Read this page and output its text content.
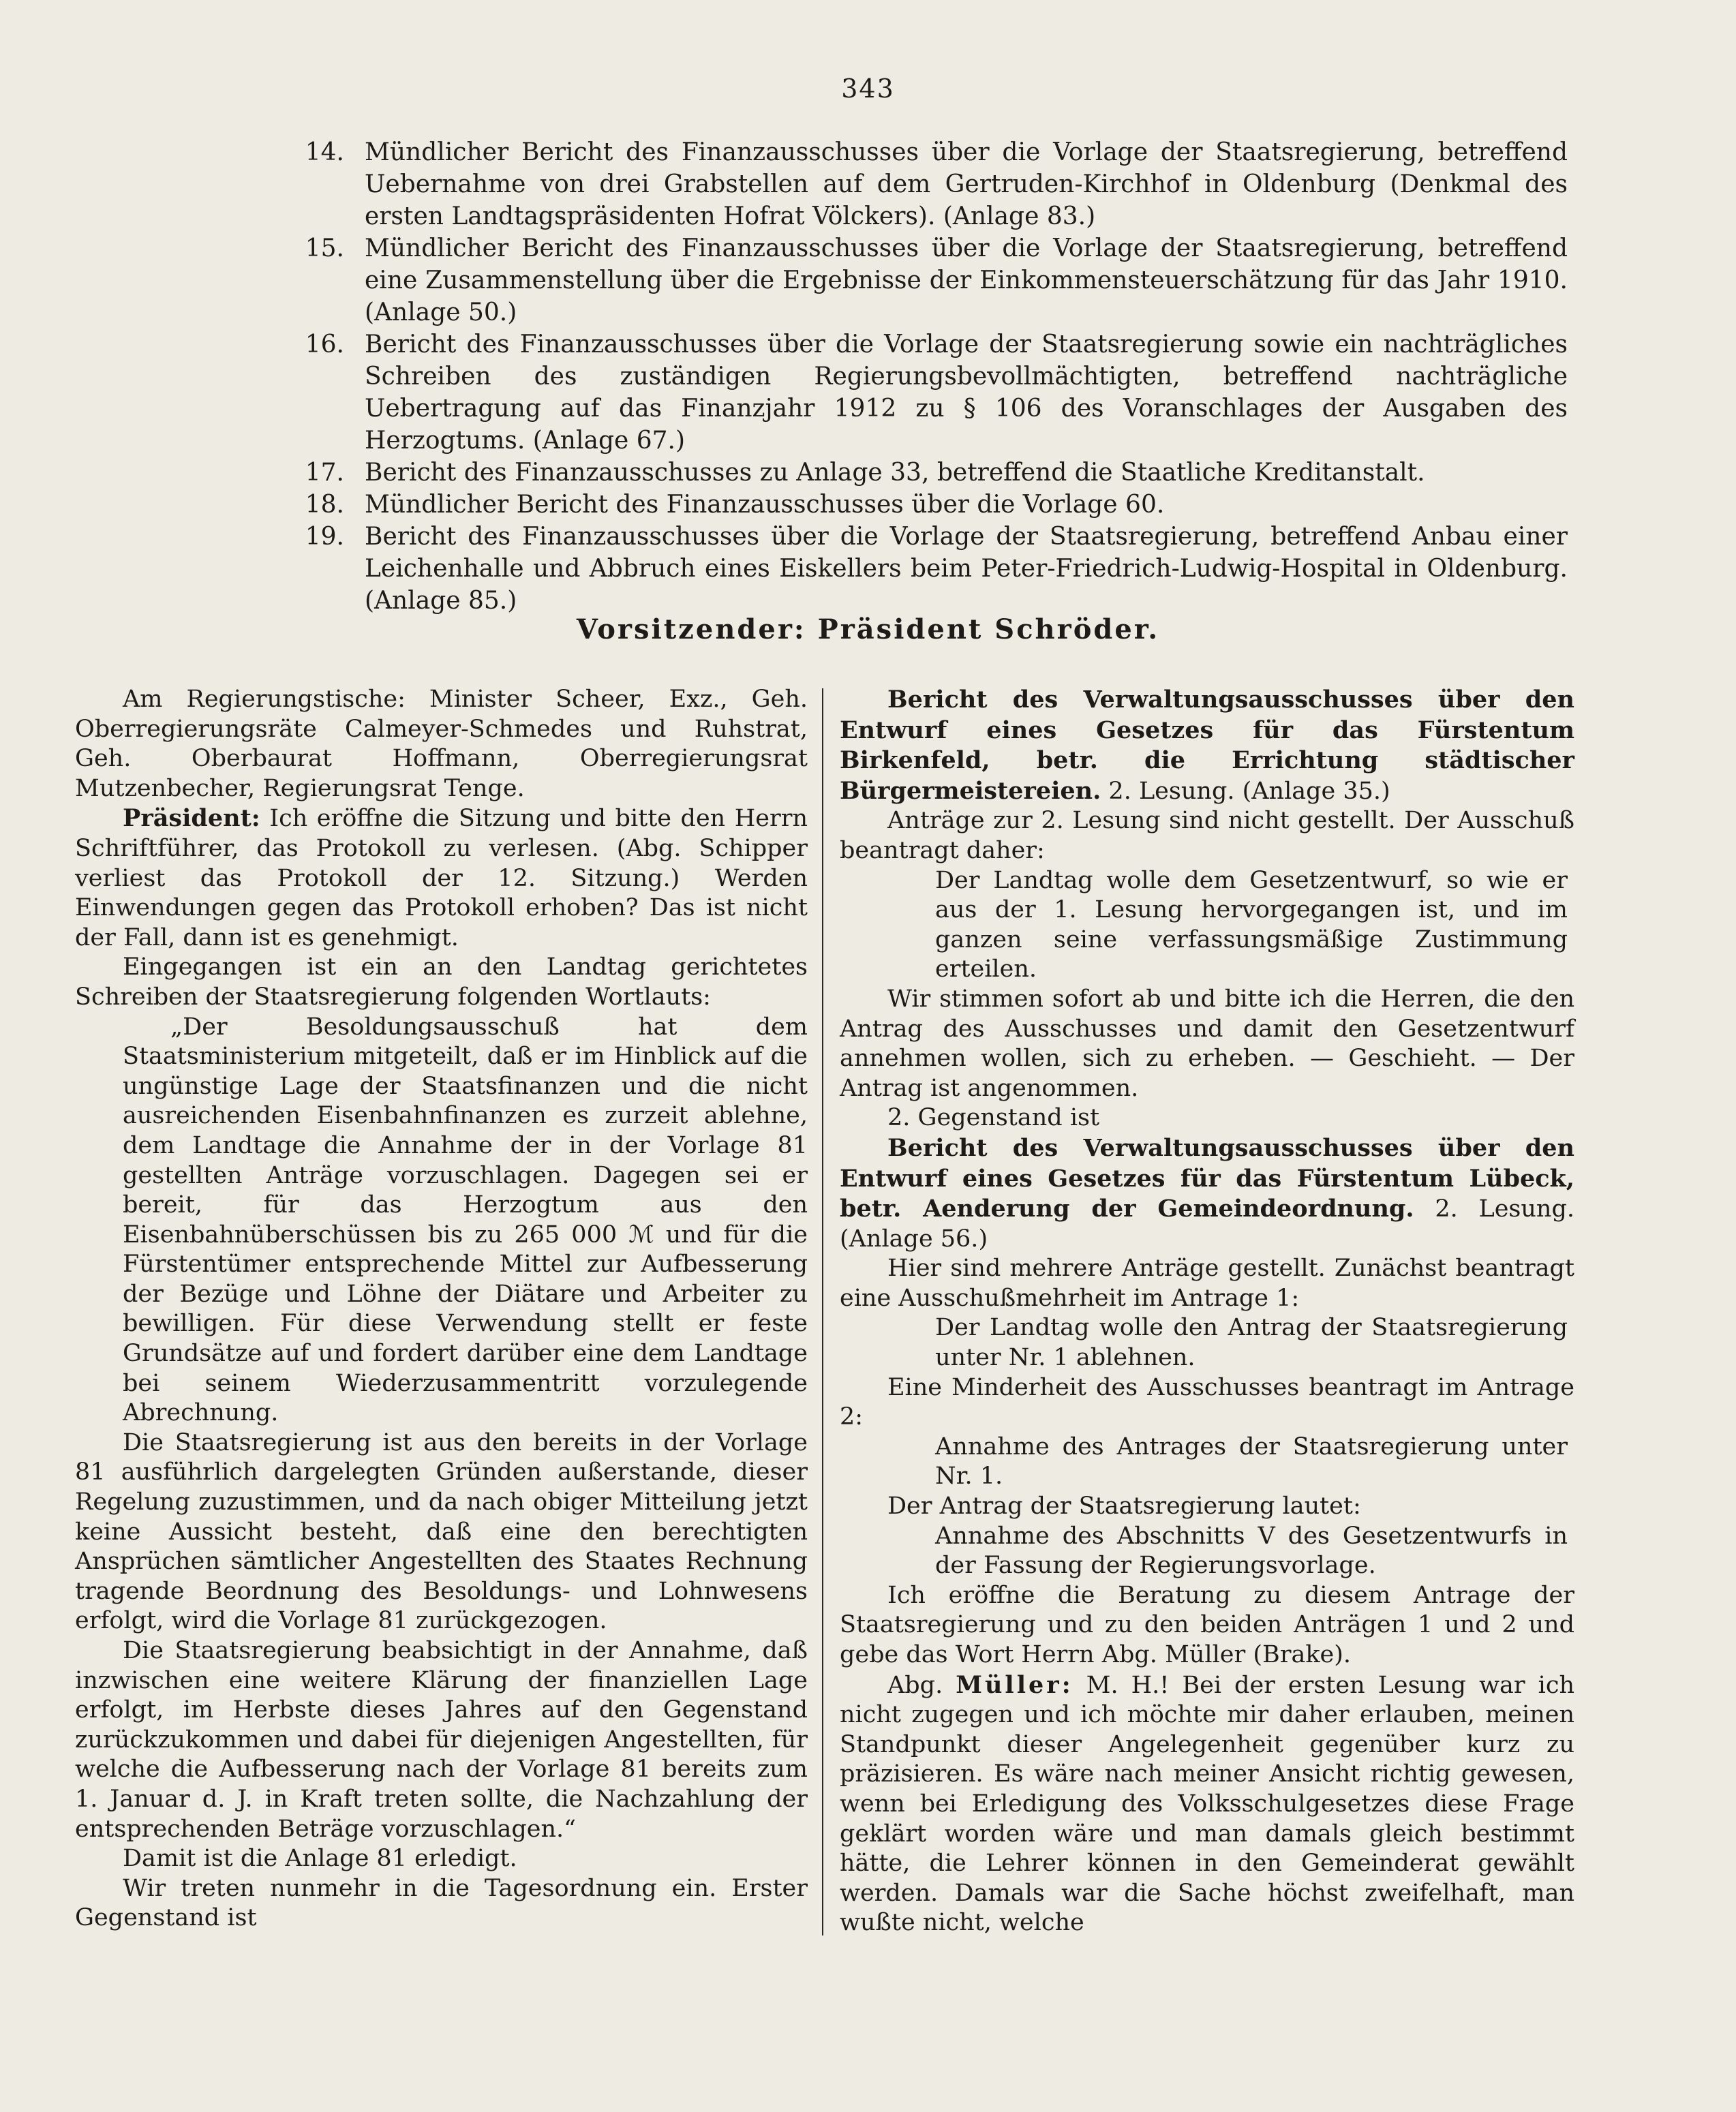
343
14. Mündlicher Bericht des Finanzausschusses über die Vorlage der Staatsregierung, betreffend Uebernahme von drei Grabstellen auf dem Gertruden-Kirchhof in Oldenburg (Denkmal des ersten Landtagspräsidenten Hofrat Völckers). (Anlage 83.)
15. Mündlicher Bericht des Finanzausschusses über die Vorlage der Staatsregierung, betreffend eine Zusammenstellung über die Ergebnisse der Einkommensteuerschätzung für das Jahr 1910. (Anlage 50.)
16. Bericht des Finanzausschusses über die Vorlage der Staatsregierung sowie ein nachträgliches Schreiben des zuständigen Regierungsbevollmächtigten, betreffend nachträgliche Uebertragung auf das Finanzjahr 1912 zu § 106 des Voranschlages der Ausgaben des Herzogtums. (Anlage 67.)
17. Bericht des Finanzausschusses zu Anlage 33, betreffend die Staatliche Kreditanstalt.
18. Mündlicher Bericht des Finanzausschusses über die Vorlage 60.
19. Bericht des Finanzausschusses über die Vorlage der Staatsregierung, betreffend Anbau einer Leichenhalle und Abbruch eines Eiskellers beim Peter-Friedrich-Ludwig-Hospital in Oldenburg. (Anlage 85.)
Vorsitzender: Präsident Schröder.

Am Regierungstische: Minister Scheer, Exz., Geh. Oberregierungsräte Calmeyer-Schmedes und Ruhstrat, Geh. Oberbaurat Hoffmann, Oberregierungsrat Mutzenbecher, Regierungsrat Tenge.

Präsident: Ich eröffne die Sitzung und bitte den Herrn Schriftführer, das Protokoll zu verlesen. (Abg. Schipper verliest das Protokoll der 12. Sitzung.) Werden Einwendungen gegen das Protokoll erhoben? Das ist nicht der Fall, dann ist es genehmigt.

Eingegangen ist ein an den Landtag gerichtetes Schreiben der Staatsregierung folgenden Wortlauts:

„Der Besoldungsausschuß hat dem Staatsministerium mitgeteilt, daß er im Hinblick auf die ungünstige Lage der Staatsfinanzen und die nicht ausreichenden Eisenbahnfinanzen es zurzeit ablehne, dem Landtage die Annahme der in der Vorlage 81 gestellten Anträge vorzuschlagen. Dagegen sei er bereit, für das Herzogtum aus den Eisenbahnüberschüssen bis zu 265 000 ℳ und für die Fürstentümer entsprechende Mittel zur Aufbesserung der Bezüge und Löhne der Diätare und Arbeiter zu bewilligen. Für diese Verwendung stellt er feste Grundsätze auf und fordert darüber eine dem Landtage bei seinem Wiederzusammentritt vorzulegende Abrechnung.

Die Staatsregierung ist aus den bereits in der Vorlage 81 ausführlich dargelegten Gründen außerstande, dieser Regelung zuzustimmen, und da nach obiger Mitteilung jetzt keine Aussicht besteht, daß eine den berechtigten Ansprüchen sämtlicher Angestellten des Staates Rechnung tragende Beordnung des Besoldungs- und Lohnwesens erfolgt, wird die Vorlage 81 zurückgezogen.

Die Staatsregierung beabsichtigt in der Annahme, daß inzwischen eine weitere Klärung der finanziellen Lage erfolgt, im Herbste dieses Jahres auf den Gegenstand zurückzukommen und dabei für diejenigen Angestellten, für welche die Aufbesserung nach der Vorlage 81 bereits zum 1. Januar d. J. in Kraft treten sollte, die Nachzahlung der entsprechenden Beträge vorzuschlagen.“

Damit ist die Anlage 81 erledigt.

Wir treten nunmehr in die Tagesordnung ein. Erster Gegenstand ist

Bericht des Verwaltungsausschusses über den Entwurf eines Gesetzes für das Fürstentum Birkenfeld, betr. die Errichtung städtischer Bürgermeistereien. 2. Lesung. (Anlage 35.)

Anträge zur 2. Lesung sind nicht gestellt. Der Ausschuß beantragt daher:

Der Landtag wolle dem Gesetzentwurf, so wie er aus der 1. Lesung hervorgegangen ist, und im ganzen seine verfassungsmäßige Zustimmung erteilen.

Wir stimmen sofort ab und bitte ich die Herren, die den Antrag des Ausschusses und damit den Gesetzentwurf annehmen wollen, sich zu erheben. — Geschieht. — Der Antrag ist angenommen.

2. Gegenstand ist

Bericht des Verwaltungsausschusses über den Entwurf eines Gesetzes für das Fürstentum Lübeck, betr. Aenderung der Gemeindeordnung. 2. Lesung. (Anlage 56.)

Hier sind mehrere Anträge gestellt. Zunächst beantragt eine Ausschußmehrheit im Antrage 1:

Der Landtag wolle den Antrag der Staatsregierung unter Nr. 1 ablehnen.

Eine Minderheit des Ausschusses beantragt im Antrage 2:

Annahme des Antrages der Staatsregierung unter Nr. 1.

Der Antrag der Staatsregierung lautet:

Annahme des Abschnitts V des Gesetzentwurfs in der Fassung der Regierungsvorlage.

Ich eröffne die Beratung zu diesem Antrage der Staatsregierung und zu den beiden Anträgen 1 und 2 und gebe das Wort Herrn Abg. Müller (Brake).

Abg. Müller: M. H.! Bei der ersten Lesung war ich nicht zugegen und ich möchte mir daher erlauben, meinen Standpunkt dieser Angelegenheit gegenüber kurz zu präzisieren. Es wäre nach meiner Ansicht richtig gewesen, wenn bei Erledigung des Volksschulgesetzes diese Frage geklärt worden wäre und man damals gleich bestimmt hätte, die Lehrer können in den Gemeinderat gewählt werden. Damals war die Sache höchst zweifelhaft, man wußte nicht, welche
